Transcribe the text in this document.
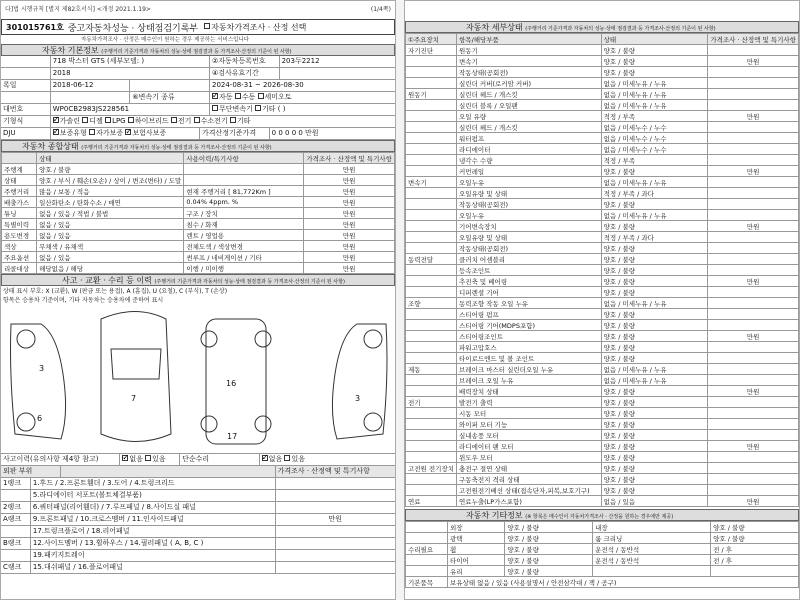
다]법 시행규칙 [별지 제82호서식] <개정 2021.1.19>	(1/4쪽)
301015761호 중고자동차성능 · 상태점검기록부 자동차가격조사 · 산정 선택
자동차가격조사 · 산정은 매수인이 원하는 경우 제공하는 서비스입니다
자동차 기본정보 (주행거리 기준가격과 자동차의 성능·상태 점검결과 등 가격조사·산정의 기준이 된 사항)
718 박스터 GTS (세부모델: )	②자동차등록번호	203두2212
2018	④검사유효기간
록일	2018-06-12	2024-08-31 ~ 2026-08-30
⑥변속기 종류 ✓	자동 수동 세미오토
대번호	WP0CB2983JS228561	무단변속기 기타 ( )
기형식 ✓	가솔린 디젤 LPG 하이브리드 전기 수소전기 기타
DJU ✓	보증유형 자가보증 ✓ 보험사보증	가격산정기준가격	0 0 0 0 0 만원
자동차 종합상태 (주행거리 기준가격과 자동차의 성능·상태 점검결과 등 가격조사·산정의 기준이 된 사항)
	상태	사용이력/특기사항	가격조사 · 산정액 및 특기사항
주행계	양호 / 불량		만원
상태	양호 / 부식 / 훼손(오손) / 상이 / 변조(변타) / 도말		만원
주행거리	많음 / 보통 / 적음	현재 주행거리 [ 81,772Km ]	만원
배출가스	일산화탄소 / 탄화수소 / 매연	0.04% 4ppm. %	만원
튜닝	없음 / 있음 / 적법 / 불법	구조 / 장치	만원
특별이력	없음 / 있음	침수 / 화재	만원
용도변경	없음 / 있음	렌트 / 영업용	만원
색상	무채색 / 유채색	전체도색 / 색상변경	만원
주요옵션	없음 / 있음	썬루프 / 네비게이션 / 기타	만원
리콜대상	해당없음 / 해당	이행 / 미이행	만원
사고 · 교환 · 수리 등 이력 (주행거리 기준가격과 자동차의 성능·상태 점검결과 등 가격조사·산정의 기준이 된 사항)
상태 표시 부호: X (교환), W (판금 또는 용접), A (흠집), U (요철), C (부식), T (손상)
항목은 승용차 기준이며, 기타 자동차는 승용차에 준하여 표시
3
6
7
16
17
3
사고이력(유의사항 제4항 참고) ✓	없음 있음	단순수리 ✓	없음 있음
외판 부위	가격조사 · 산정액 및 특기사항
1랭크	1.후드 / 2.프론트휀더 / 3.도어 / 4.트렁크리드
5.라디에이터 서포트(볼트체결부품)
2랭크	6.쿼터패널(리어휀더) / 7.루프패널 / 8.사이드실 패널
A랭크	9.프론트패널 / 10.크로스멤버 / 11.인사이드패널	만원
17.트렁크플로어 / 18.리어패널
B랭크	12.사이드멤버 / 13.휠하우스 / 14.필러패널 ( A, B, C )
19.패키지트레이
C랭크	15.대쉬패널 / 16.플로어패널
자동차 세부상태 (주행거리 기준가격과 자동차의 성능·상태 점검결과 등 가격조사·산정의 기준이 된 사항)
①주요장치	항목/해당부품	상태	가격조사 · 산정액 및 특기사항
자기진단	원동기	양호 / 불량	
	변속기	양호 / 불량	만원
	작동상태(공회전)	양호 / 불량	
	실린더 커버(로커암 커버)	없음 / 미세누유 / 누유	
원동기	실린더 헤드 / 개스킷	없음 / 미세누유 / 누유	
	실린더 블록 / 오일팬	없음 / 미세누유 / 누유	
	오일 유량	적정 / 부족	만원
	실린더 헤드 / 개스킷	없음 / 미세누수 / 누수	
	워터펌프	없음 / 미세누수 / 누수	
	라디에이터	없음 / 미세누수 / 누수	
	냉각수 수량	적정 / 부족	
	커먼레일	양호 / 불량	만원
변속기	오일누유	없음 / 미세누유 / 누유	
	오일유량 및 상태	적정 / 부족 / 과다	
	작동상태(공회전)	양호 / 불량	
	오일누유	없음 / 미세누유 / 누유	
	기어변속장치	양호 / 불량	만원
	오일유량 및 상태	적정 / 부족 / 과다	
	작동상태(공회전)	양호 / 불량	
동력전달	클러치 어셈블리	양호 / 불량	
	등속조인트	양호 / 불량	
	추진축 및 베어링	양호 / 불량	만원
	디퍼렌셜 기어	양호 / 불량	
조향	동력조향 작동 오일 누유	없음 / 미세누유 / 누유	
	스티어링 펌프	양호 / 불량	
	스티어링 기어(MDPS포함)	양호 / 불량	
	스티어링조인트	양호 / 불량	만원
	파워고압호스	양호 / 불량	
	타이로드엔드 및 볼 조인트	양호 / 불량	
제동	브레이크 마스터 실린더오일 누유	없음 / 미세누유 / 누유	
	브레이크 오일 누유	없음 / 미세누유 / 누유	
	배력장치 상태	양호 / 불량	만원
전기	발전기 출력	양호 / 불량	
	시동 모터	양호 / 불량	
	와이퍼 모터 기능	양호 / 불량	
	실내송풍 모터	양호 / 불량	
	라디에이터 팬 모터	양호 / 불량	만원
	윈도우 모터	양호 / 불량	
고전원 전기장치	충전구 절연 상태	양호 / 불량	
	구동축전지 격리 상태	양호 / 불량	
	고전원전기배선 상태(접속단자,피복,보호기구)	양호 / 불량	
연료	연료누출(LP가스포함)	없음 / 있음	만원
자동차 기타정보 (※ 항목은 매수인이 자동차가격조사 · 산정을 원하는 경우에만 제공)
	외장	양호 / 불량	내장	양호 / 불량
	광택	양호 / 불량	룸 크리닝	양호 / 불량
수리필요	휠	양호 / 불량	운전석 / 동반석	전 / 후
	타이어	양호 / 불량	운전석 / 동반석	전 / 후
	유리	양호 / 불량		
기본품목	보유상태 없음 / 있음 (사용설명서 / 안전삼각대 / 잭 / 공구)			
